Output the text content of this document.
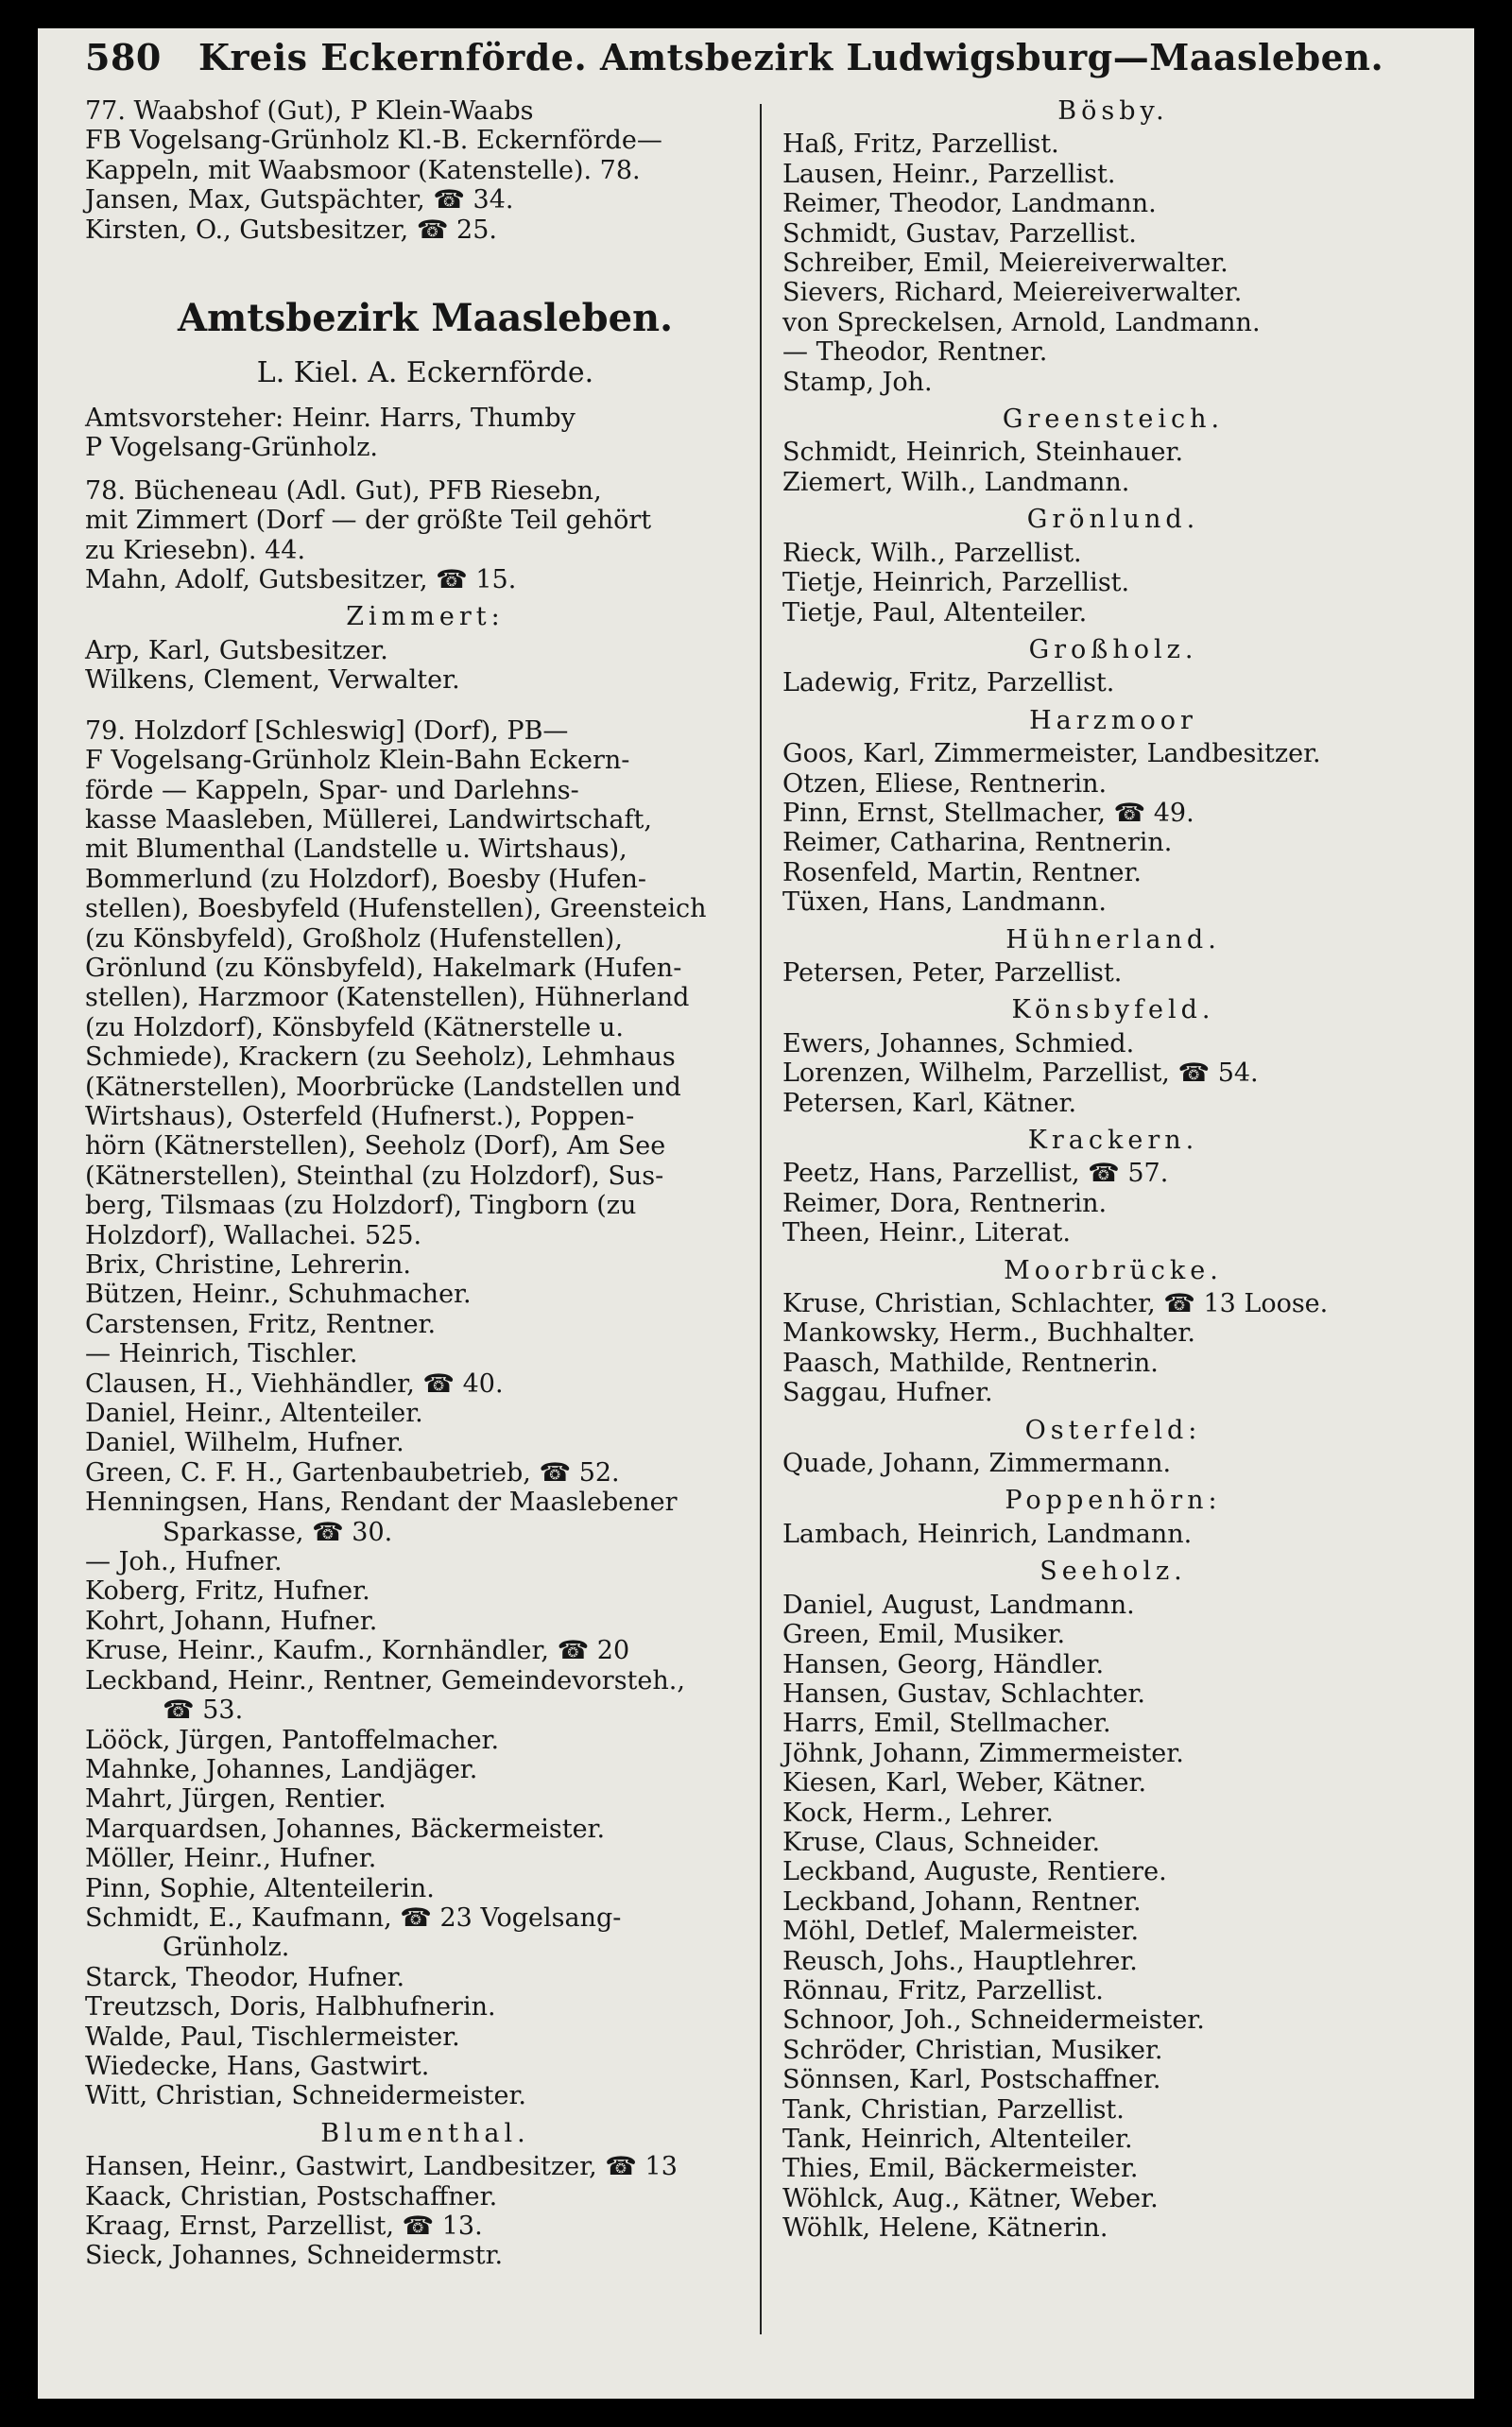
580 Kreis Eckernförde. Amtsbezirk Ludwigsburg—Maasleben.
77. Waabshof (Gut), P Klein-Waabs
FB Vogelsang-Grünholz Kl.-B. Eckernförde—
Kappeln, mit Waabsmoor (Katenstelle). 78.
Jansen, Max, Gutspächter, ☎ 34.
Kirsten, O., Gutsbesitzer, ☎ 25.
Amtsbezirk Maasleben.
L. Kiel. A. Eckernförde.
Amtsvorsteher: Heinr. Harrs, Thumby
P Vogelsang-Grünholz.
78. Bücheneau (Adl. Gut), PFB Riesebn,
mit Zimmert (Dorf — der größte Teil gehört
zu Kriesebn). 44.
Mahn, Adolf, Gutsbesitzer, ☎ 15.
Zimmert:
Arp, Karl, Gutsbesitzer.
Wilkens, Clement, Verwalter.
79. Holzdorf [Schleswig] (Dorf), PB—
F Vogelsang-Grünholz Klein-Bahn Eckern-
förde — Kappeln, Spar- und Darlehns-
kasse Maasleben, Müllerei, Landwirtschaft,
mit Blumenthal (Landstelle u. Wirtshaus),
Bommerlund (zu Holzdorf), Boesby (Hufen-
stellen), Boesbyfeld (Hufenstellen), Greensteich
(zu Könsbyfeld), Großholz (Hufenstellen),
Grönlund (zu Könsbyfeld), Hakelmark (Hufen-
stellen), Harzmoor (Katenstellen), Hühnerland
(zu Holzdorf), Könsbyfeld (Kätnerstelle u.
Schmiede), Krackern (zu Seeholz), Lehmhaus
(Kätnerstellen), Moorbrücke (Landstellen und
Wirtshaus), Osterfeld (Hufnerst.), Poppen-
hörn (Kätnerstellen), Seeholz (Dorf), Am See
(Kätnerstellen), Steinthal (zu Holzdorf), Sus-
berg, Tilsmaas (zu Holzdorf), Tingborn (zu
Holzdorf), Wallachei. 525.
Brix, Christine, Lehrerin.
Bützen, Heinr., Schuhmacher.
Carstensen, Fritz, Rentner.
— Heinrich, Tischler.
Clausen, H., Viehhändler, ☎ 40.
Daniel, Heinr., Altenteiler.
Daniel, Wilhelm, Hufner.
Green, C. F. H., Gartenbaubetrieb, ☎ 52.
Henningsen, Hans, Rendant der Maaslebener
Sparkasse, ☎ 30.
— Joh., Hufner.
Koberg, Fritz, Hufner.
Kohrt, Johann, Hufner.
Kruse, Heinr., Kaufm., Kornhändler, ☎ 20
Leckband, Heinr., Rentner, Gemeindevorsteh.,
☎ 53.
Lööck, Jürgen, Pantoffelmacher.
Mahnke, Johannes, Landjäger.
Mahrt, Jürgen, Rentier.
Marquardsen, Johannes, Bäckermeister.
Möller, Heinr., Hufner.
Pinn, Sophie, Altenteilerin.
Schmidt, E., Kaufmann, ☎ 23 Vogelsang-
Grünholz.
Starck, Theodor, Hufner.
Treutzsch, Doris, Halbhufnerin.
Walde, Paul, Tischlermeister.
Wiedecke, Hans, Gastwirt.
Witt, Christian, Schneidermeister.
Blumenthal.
Hansen, Heinr., Gastwirt, Landbesitzer, ☎ 13
Kaack, Christian, Postschaffner.
Kraag, Ernst, Parzellist, ☎ 13.
Sieck, Johannes, Schneidermstr.
Bösby.
Haß, Fritz, Parzellist.
Lausen, Heinr., Parzellist.
Reimer, Theodor, Landmann.
Schmidt, Gustav, Parzellist.
Schreiber, Emil, Meiereiverwalter.
Sievers, Richard, Meiereiverwalter.
von Spreckelsen, Arnold, Landmann.
— Theodor, Rentner.
Stamp, Joh.
Greensteich.
Schmidt, Heinrich, Steinhauer.
Ziemert, Wilh., Landmann.
Grönlund.
Rieck, Wilh., Parzellist.
Tietje, Heinrich, Parzellist.
Tietje, Paul, Altenteiler.
Großholz.
Ladewig, Fritz, Parzellist.
Harzmoor
Goos, Karl, Zimmermeister, Landbesitzer.
Otzen, Eliese, Rentnerin.
Pinn, Ernst, Stellmacher, ☎ 49.
Reimer, Catharina, Rentnerin.
Rosenfeld, Martin, Rentner.
Tüxen, Hans, Landmann.
Hühnerland.
Petersen, Peter, Parzellist.
Könsbyfeld.
Ewers, Johannes, Schmied.
Lorenzen, Wilhelm, Parzellist, ☎ 54.
Petersen, Karl, Kätner.
Krackern.
Peetz, Hans, Parzellist, ☎ 57.
Reimer, Dora, Rentnerin.
Theen, Heinr., Literat.
Moorbrücke.
Kruse, Christian, Schlachter, ☎ 13 Loose.
Mankowsky, Herm., Buchhalter.
Paasch, Mathilde, Rentnerin.
Saggau, Hufner.
Osterfeld:
Quade, Johann, Zimmermann.
Poppenhörn:
Lambach, Heinrich, Landmann.
Seeholz.
Daniel, August, Landmann.
Green, Emil, Musiker.
Hansen, Georg, Händler.
Hansen, Gustav, Schlachter.
Harrs, Emil, Stellmacher.
Jöhnk, Johann, Zimmermeister.
Kiesen, Karl, Weber, Kätner.
Kock, Herm., Lehrer.
Kruse, Claus, Schneider.
Leckband, Auguste, Rentiere.
Leckband, Johann, Rentner.
Möhl, Detlef, Malermeister.
Reusch, Johs., Hauptlehrer.
Rönnau, Fritz, Parzellist.
Schnoor, Joh., Schneidermeister.
Schröder, Christian, Musiker.
Sönnsen, Karl, Postschaffner.
Tank, Christian, Parzellist.
Tank, Heinrich, Altenteiler.
Thies, Emil, Bäckermeister.
Wöhlck, Aug., Kätner, Weber.
Wöhlk, Helene, Kätnerin.
